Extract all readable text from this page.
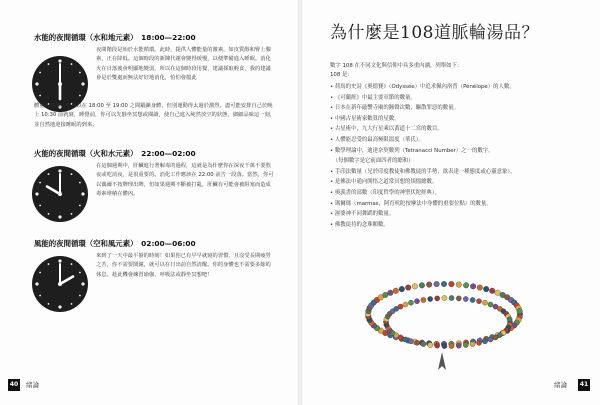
水能的夜間循環（水和地元素）　18:00—22:00
夜間階段是始於水能循環。此時，提供人體能量的激素，如皮質醇和腎上腺素，正在降低。這個時段的新陳代謝會變得緩慢，以便準備進入睡眠。消化火在日落後會明顯地變弱，所以在這個時段用餐，建議採取輕食，我的建議會是於雙處而無法好好地消化，怕怕會擋此
體重的增加。你可以在 18:00 至 19:00 之間鍛鍊身體，但別運動得太過於激烈。盡可能安排自己於晚上 10:30 前就寢，睡覺前，你可以先靜坐冥想或閱讀，使自己進入純然放空的狀態，細細品味這一刻，並自然地迎接睡眠的到來。
火能的夜間循環（火和水元素）　22:00—02:00
在這個週期中，肝臟進行著解毒的過程，這就是為什麼你在深夜千萬不要熬夜或吃消夜，是很重要的。消化工作應該在 22:00 前告一段落。當然，你可以偶爾不按牌理出牌，但如果週期不斷被打亂，肝臟有可能會被阻塞而造成毒素堆積在體內。
風能的夜間循環（空和風元素）　02:00—06:00
來到了一天中最平靜的時刻！如果你已有早早就寢的習慣，且沒受長期疲勞之苦，你不需要鬧鐘，就可以在日出前自然清醒。你的身體也不需要多餘的休息。趁此機會練習瑜伽、呼吸法或靜坐冥想吧！
40 緒論
為什麼是108道脈輪湯品？
數字 108 在不同文化與信仰中具多重內涵，列舉如下：
108 是：
• 荷馬的史詩《奧德賽》（Odyssée）中追求佩內洛普（Pénélope）的人數。
• 《可蘭經》中最主要章節的數量。
• 日本在新年敲響寺廟的鐘聲次數，驅散罪惡的數量。
• 中國古星術家數算的星數。
• 古星術中，九大行星乘以黃道十二宮的數目。
• 人體能忍受的最高極限溫度（華氏）。
• 數學理論中，迪達奈契數列（Tetranacci Number）之一的數字。
　（每個數字是它前面四者的總和）
• 手印法數量（兄於印度教徒和佛教徒的手勢，欲表達一種態度或心靈意象）。
• 是佛法中通向開悟之道常冥想的煩惱總數。
• 奧義書的部數（印度哲學的神聖伏陀經典）。
• 瑪爾瑪（marmas，阿育吠陀按摩法中身體的重要位點）的數量。
• 濕婆神不同舞蹈的數量。
• 佛教徒持的念珠顆數。
緒論	41
